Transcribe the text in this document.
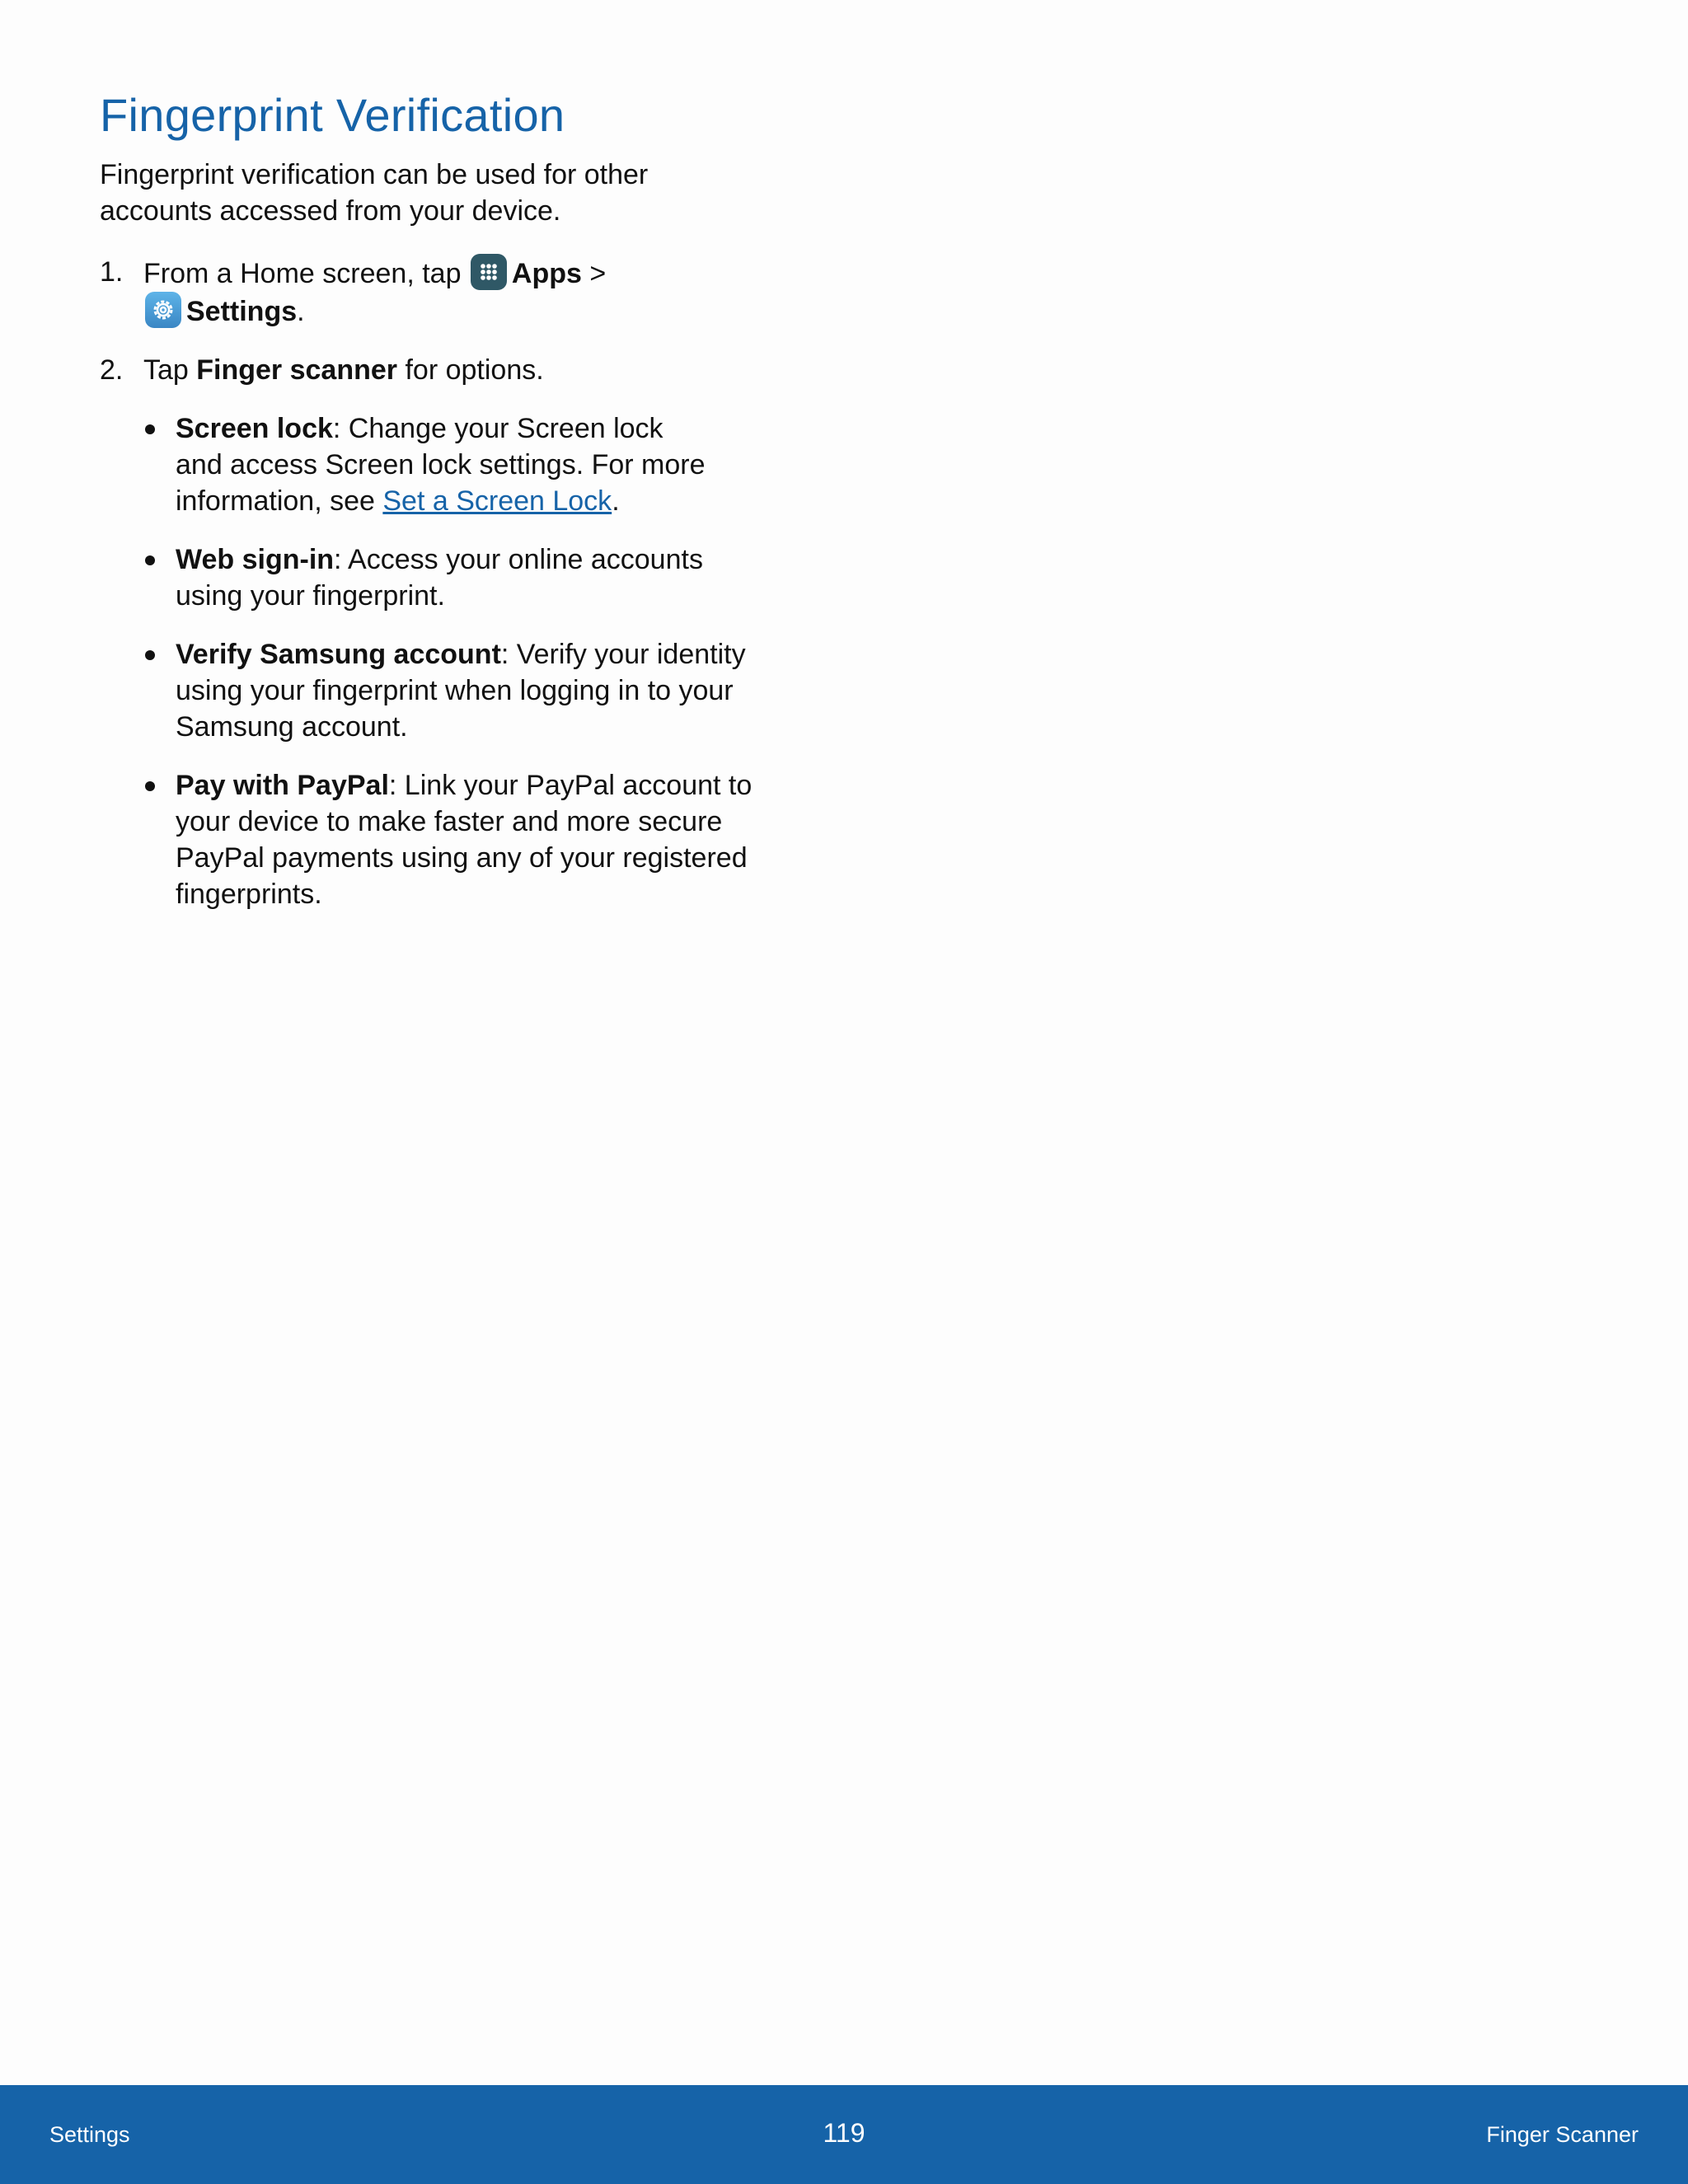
Fingerprint Verification

Fingerprint verification can be used for other
accounts accessed from your device.

1. From a Home screen, tap
Apps >

Settings.
2. Tap Finger scanner for options.
Screen lock: Change your Screen lock
and access Screen lock settings. For more
information, see Set a Screen Lock.
Web sign-in: Access your online accounts
using your fingerprint.
Verify Samsung account: Verify your identity
using your fingerprint when logging in to your
Samsung account.
Pay with PayPal: Link your PayPal account to
your device to make faster and more secure
PayPal payments using any of your registered
fingerprints.
Settings	119	Finger Scanner
